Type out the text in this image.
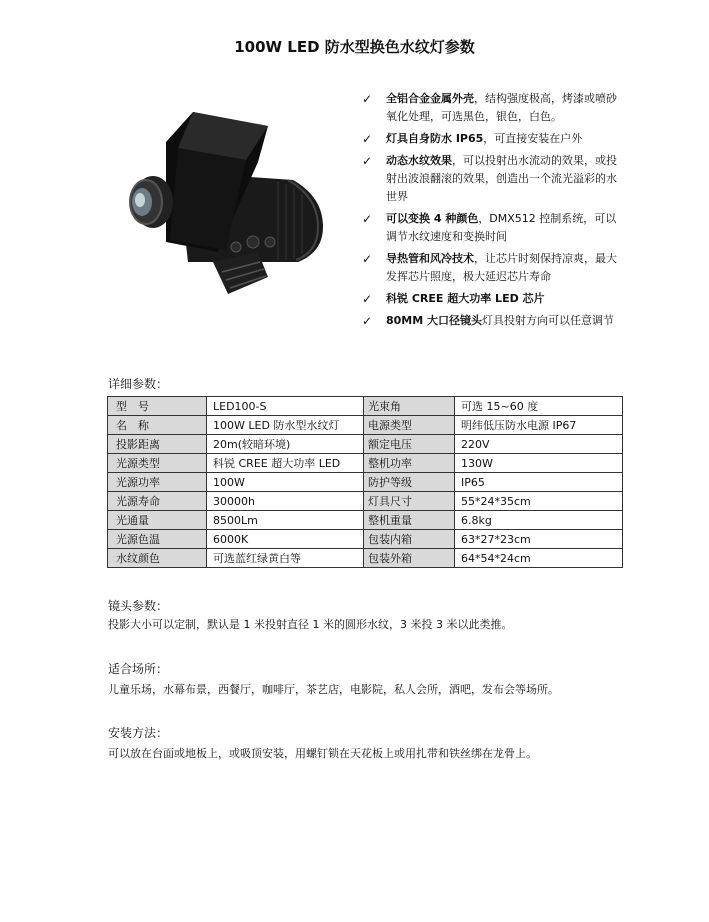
100W LED 防水型换色水纹灯参数
✓ 全铝合金金属外壳，结构强度极高，烤漆或喷砂氧化处理，可选黑色，银色，白色。
✓ 灯具自身防水 IP65，可直接安装在户外
✓ 动态水纹效果，可以投射出水流动的效果，或投射出波浪翻滚的效果，创造出一个流光溢彩的水世界
✓ 可以变换 4 种颜色，DMX512 控制系统，可以调节水纹速度和变换时间
✓ 导热管和风冷技术，让芯片时刻保持凉爽，最大发挥芯片照度，极大延迟芯片寿命
✓ 科锐 CREE 超大功率 LED 芯片
✓ 80MM 大口径镜头灯具投射方向可以任意调节
详细参数：
型　号	LED100-S	光束角	可选 15~60 度
名　称	100W LED 防水型水纹灯	电源类型	明纬低压防水电源 IP67
投影距离	20m(较暗环境)	额定电压	220V
光源类型	科锐 CREE 超大功率 LED	整机功率	130W
光源功率	100W	防护等级	IP65
光源寿命	30000h	灯具尺寸	55*24*35cm
光通量	8500Lm	整机重量	6.8kg
光源色温	6000K	包装内箱	63*27*23cm
水纹颜色	可选蓝红绿黄白等	包装外箱	64*54*24cm
镜头参数：
投影大小可以定制，默认是 1 米投射直径 1 米的圆形水纹，3 米投 3 米以此类推。
适合场所：
儿童乐场，水幕布景，西餐厅，咖啡厅，茶艺店，电影院，私人会所，酒吧，发布会等场所。
安装方法：
可以放在台面或地板上，或吸顶安装，用螺钉锁在天花板上或用扎带和铁丝绑在龙骨上。
